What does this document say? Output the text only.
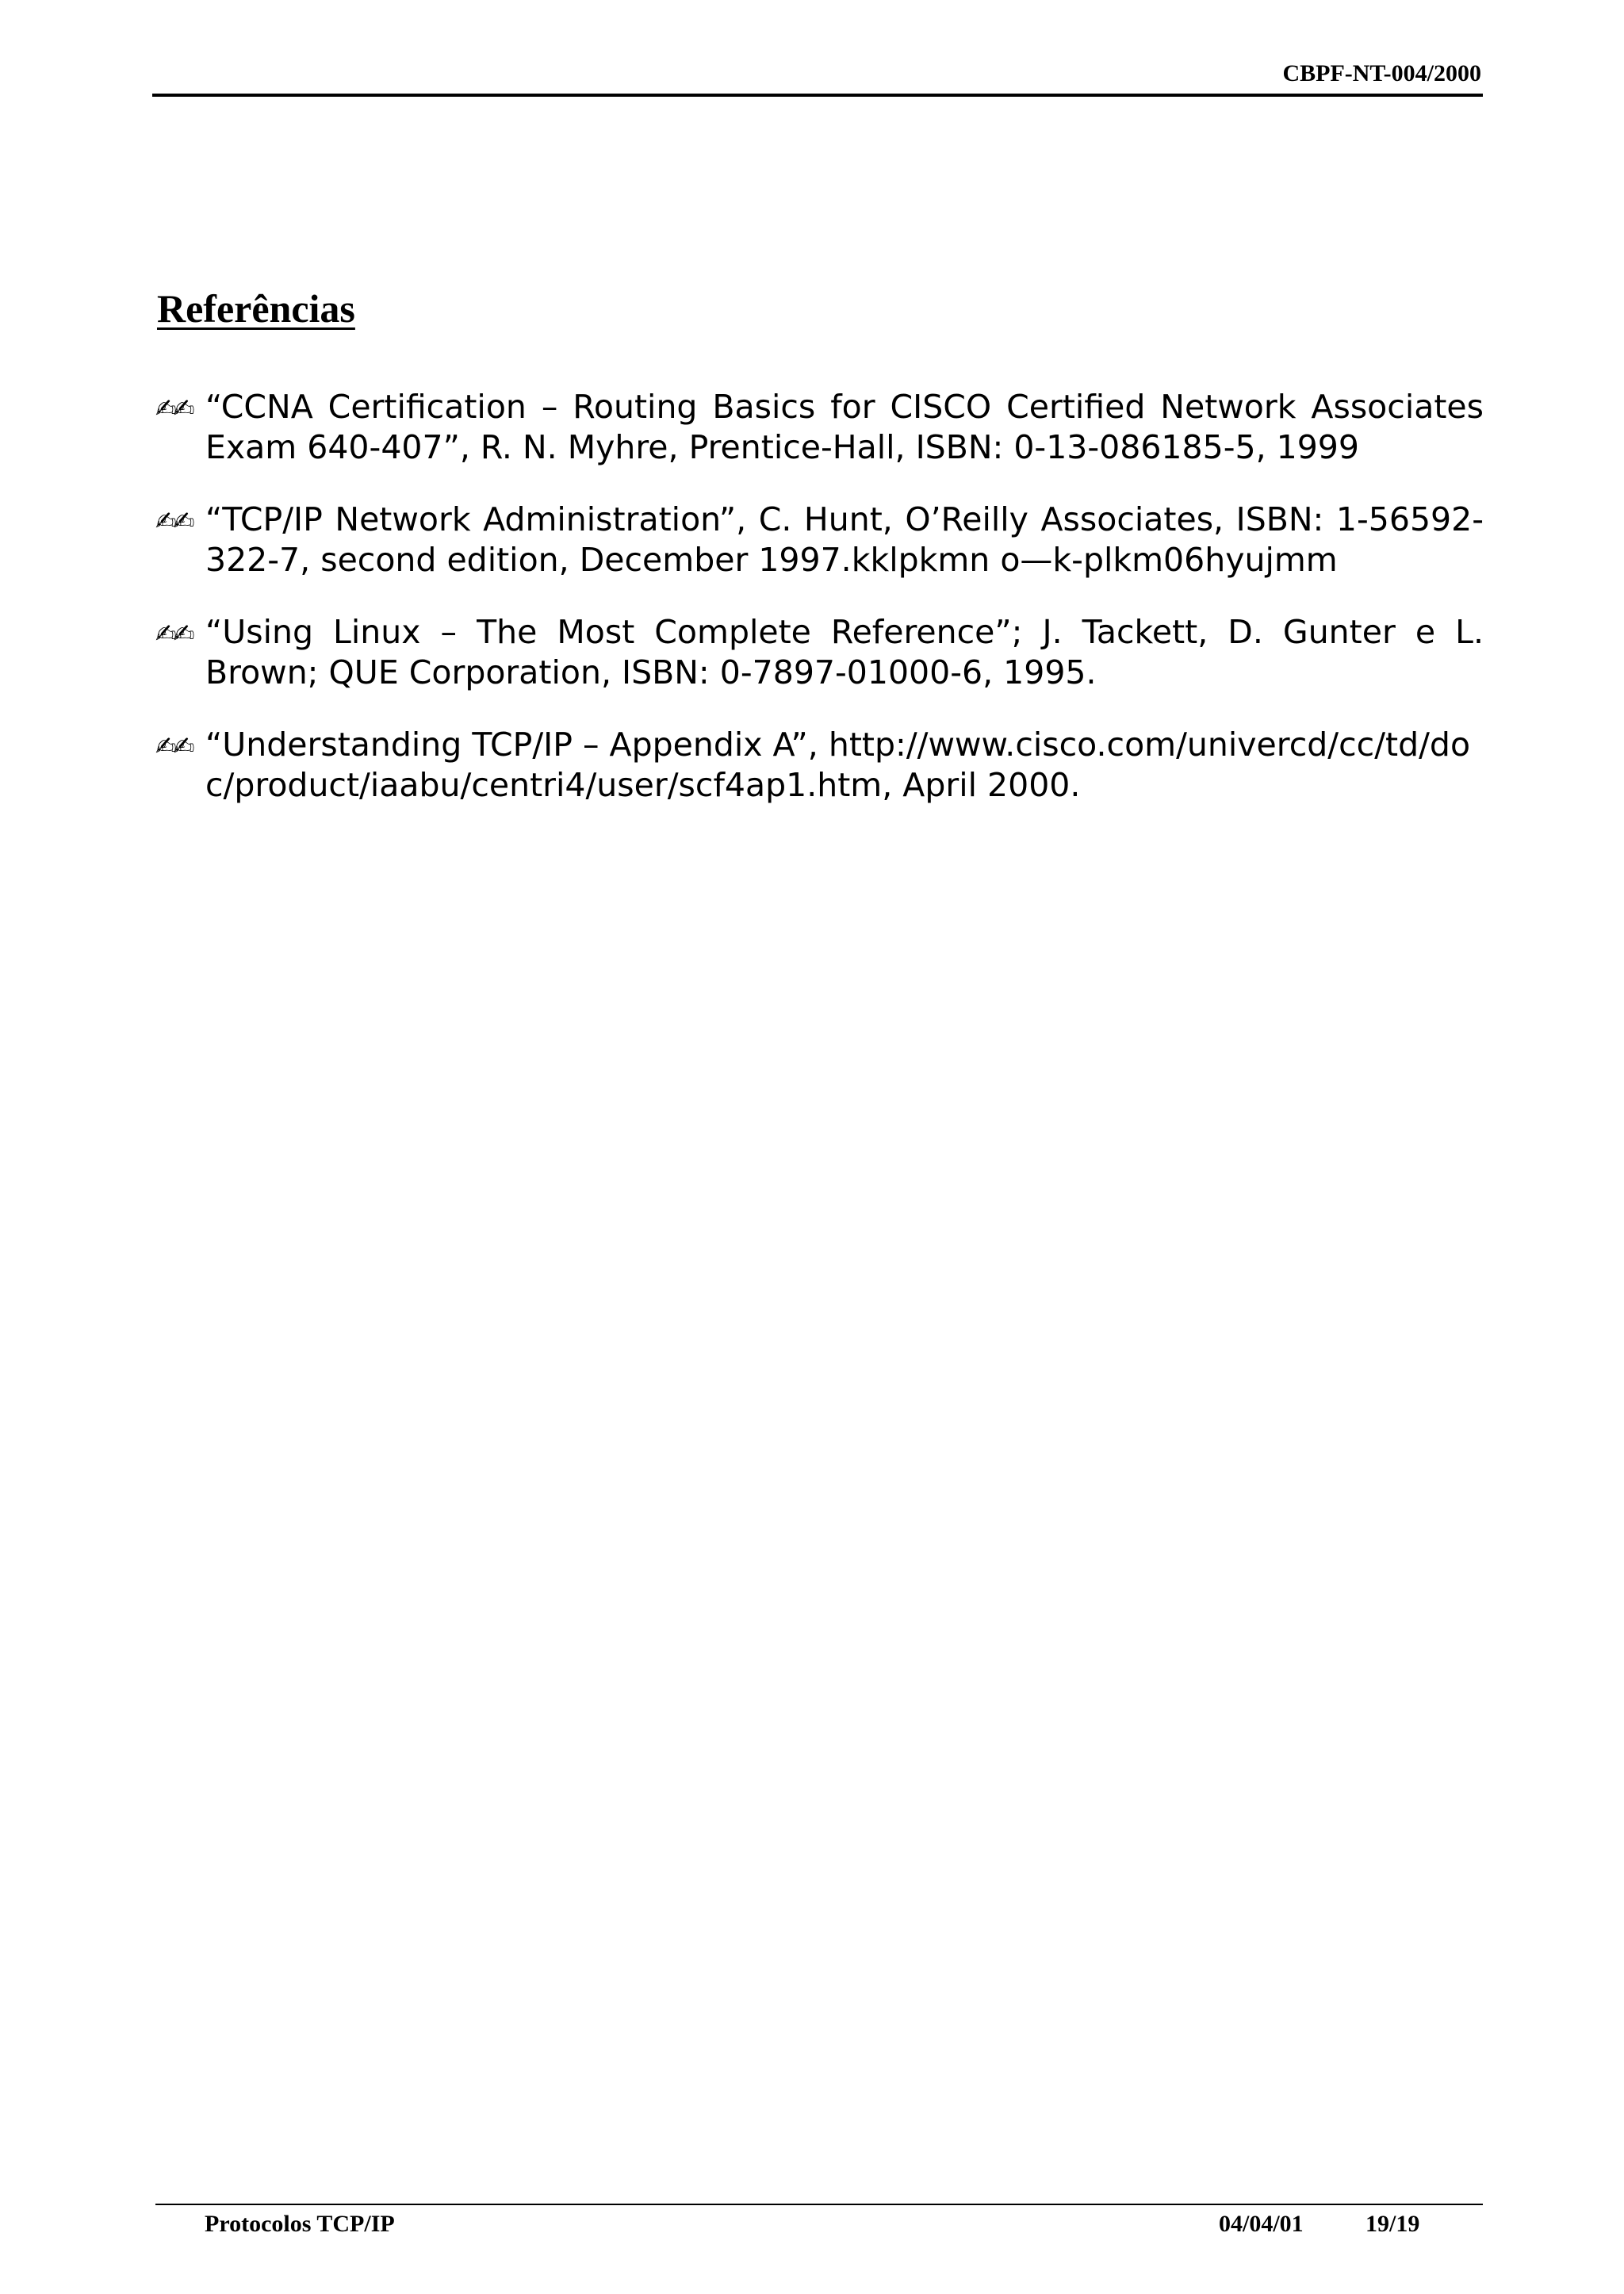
CBPF-NT-004/2000
Referências
✍✍ “CCNA Certification – Routing Basics for CISCO Certified Network Associates Exam 640-407”, R. N. Myhre, Prentice-Hall, ISBN: 0-13-086185-5, 1999
✍✍ “TCP/IP Network Administration”, C. Hunt, O’Reilly Associates, ISBN: 1-56592-322-7, second edition, December 1997.kklpkmn o—k-plkm06hyujmm
✍✍ “Using Linux – The Most Complete Reference”; J. Tackett, D. Gunter e L. Brown; QUE Corporation, ISBN: 0-7897-01000-6, 1995.
✍✍ “Understanding TCP/IP – Appendix A”, http://www.cisco.com/univercd/cc/td/doc/product/iaabu/centri4/user/scf4ap1.htm, April 2000.
Protocolos TCP/IP	04/04/01	19/19
